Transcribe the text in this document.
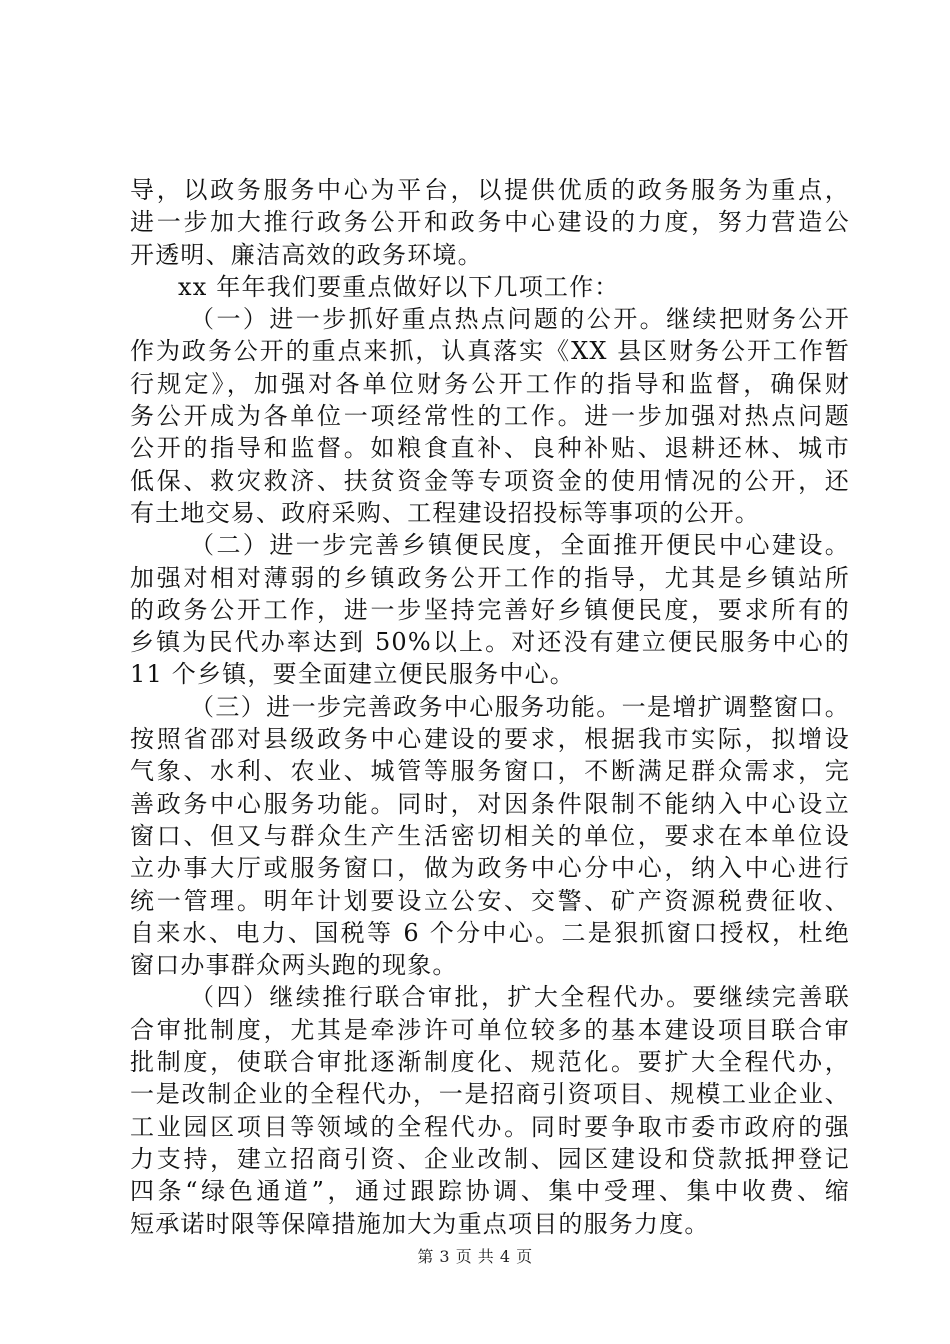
导，以政务服务中心为平台，以提供优质的政务服务为重点，
进一步加大推行政务公开和政务中心建设的力度，努力营造公
开透明、廉洁高效的政务环境。
xx 年年我们要重点做好以下几项工作：
（一）进一步抓好重点热点问题的公开。继续把财务公开
作为政务公开的重点来抓，认真落实《XX 县区财务公开工作暂
行规定》，加强对各单位财务公开工作的指导和监督，确保财
务公开成为各单位一项经常性的工作。进一步加强对热点问题
公开的指导和监督。如粮食直补、良种补贴、退耕还林、城市
低保、救灾救济、扶贫资金等专项资金的使用情况的公开，还
有土地交易、政府采购、工程建设招投标等事项的公开。
（二）进一步完善乡镇便民度，全面推开便民中心建设。
加强对相对薄弱的乡镇政务公开工作的指导，尤其是乡镇站所
的政务公开工作，进一步坚持完善好乡镇便民度，要求所有的
乡镇为民代办率达到 50%以上。对还没有建立便民服务中心的
11 个乡镇，要全面建立便民服务中心。
（三）进一步完善政务中心服务功能。一是增扩调整窗口。
按照省邵对县级政务中心建设的要求，根据我市实际，拟增设
气象、水利、农业、城管等服务窗口，不断满足群众需求，完
善政务中心服务功能。同时，对因条件限制不能纳入中心设立
窗口、但又与群众生产生活密切相关的单位，要求在本单位设
立办事大厅或服务窗口，做为政务中心分中心，纳入中心进行
统一管理。明年计划要设立公安、交警、矿产资源税费征收、
自来水、电力、国税等 6 个分中心。二是狠抓窗口授权，杜绝
窗口办事群众两头跑的现象。
（四）继续推行联合审批，扩大全程代办。要继续完善联
合审批制度，尤其是牵涉许可单位较多的基本建设项目联合审
批制度，使联合审批逐渐制度化、规范化。要扩大全程代办，
一是改制企业的全程代办，一是招商引资项目、规模工业企业、
工业园区项目等领域的全程代办。同时要争取市委市政府的强
力支持，建立招商引资、企业改制、园区建设和贷款抵押登记
四条“绿色通道”，通过跟踪协调、集中受理、集中收费、缩
短承诺时限等保障措施加大为重点项目的服务力度。
第 3 页 共 4 页
